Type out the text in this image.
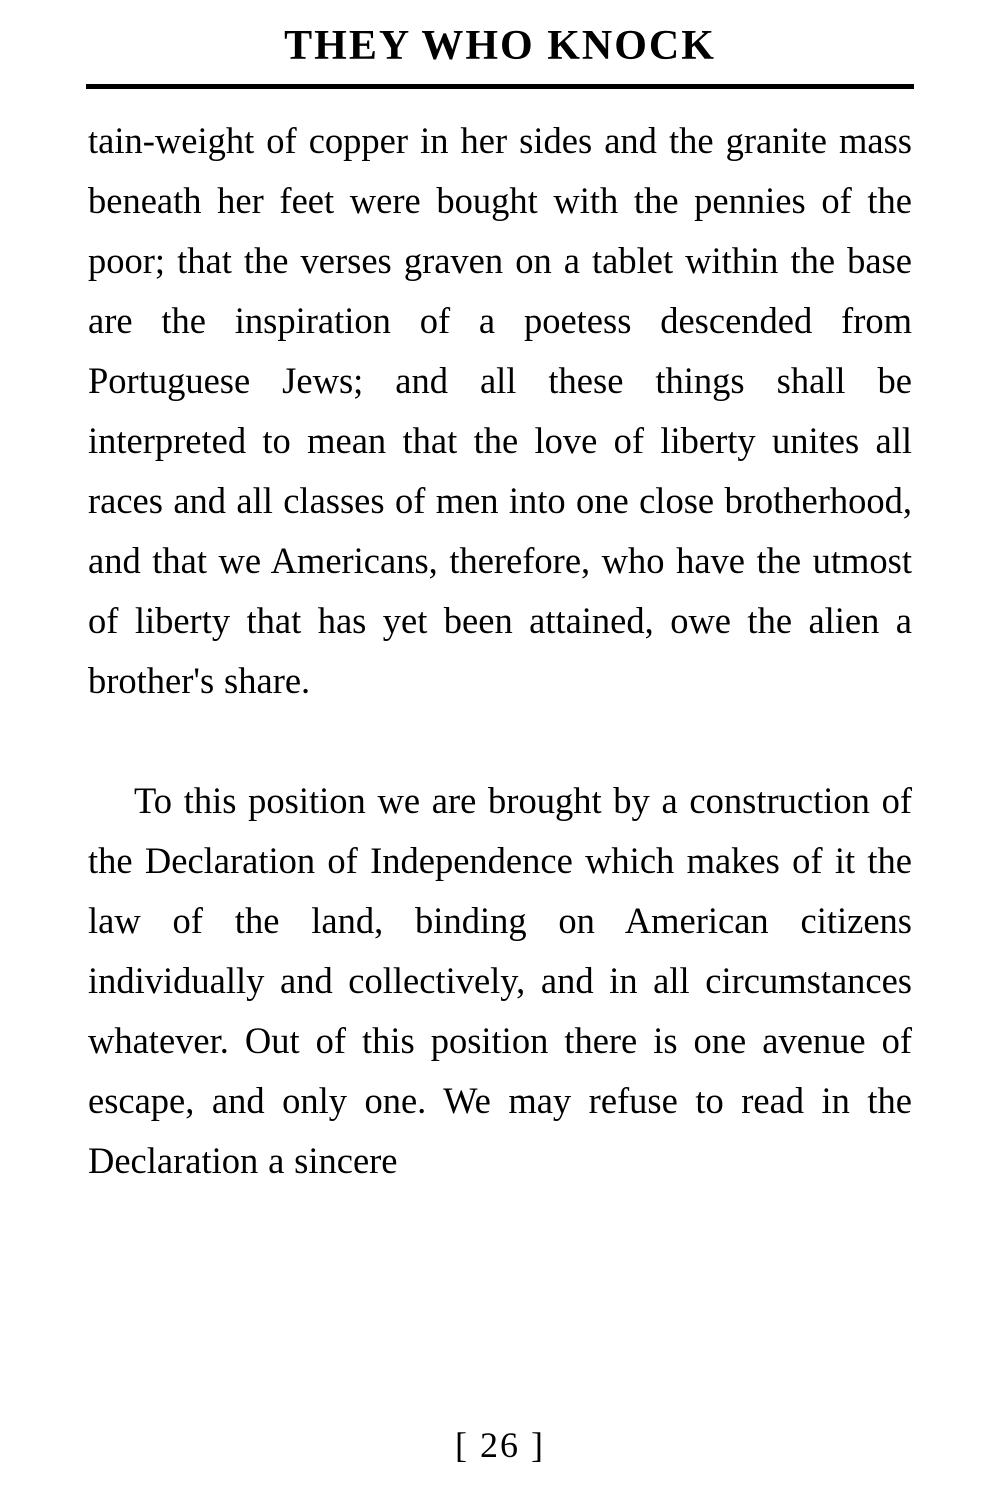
THEY WHO KNOCK

tain-weight of copper in her sides and the granite mass beneath her feet were bought with the pennies of the poor; that the verses graven on a tablet within the base are the inspiration of a poetess descended from Portuguese Jews; and all these things shall be interpreted to mean that the love of liberty unites all races and all classes of men into one close brotherhood, and that we Americans, therefore, who have the utmost of liberty that has yet been attained, owe the alien a brother's share.

To this position we are brought by a construction of the Declaration of Independence which makes of it the law of the land, binding on American citizens individually and collectively, and in all circumstances whatever. Out of this position there is one avenue of escape, and only one. We may refuse to read in the Declaration a sincere

[ 26 ]
